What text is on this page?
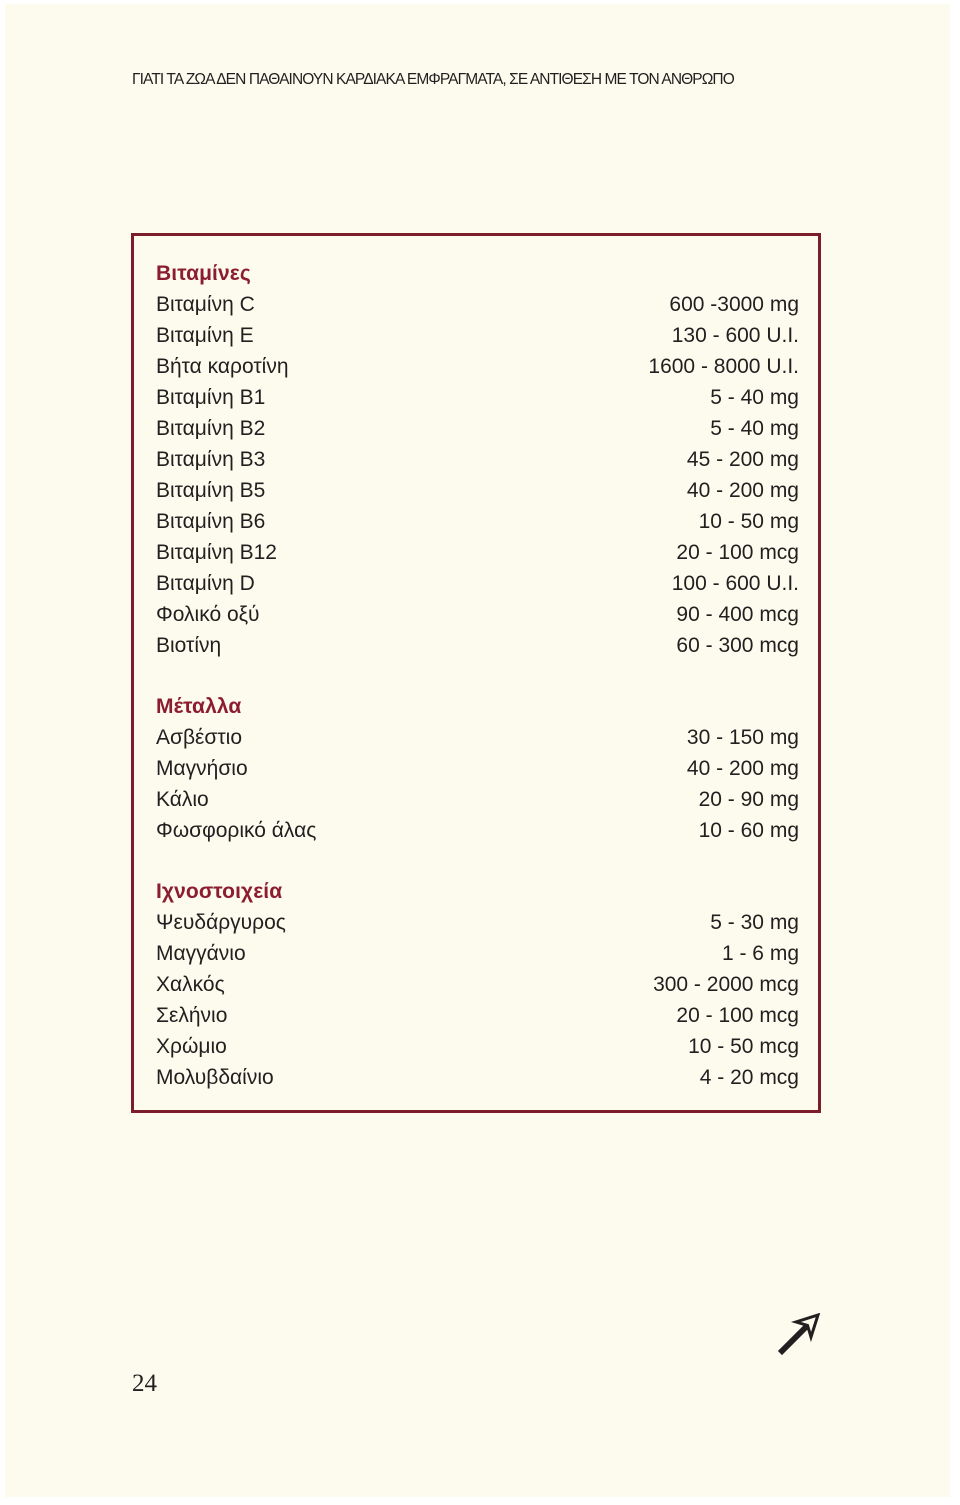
ΓΙΑΤΙ ΤΑ ΖΩΑ ΔΕΝ ΠΑΘΑΙΝΟΥΝ ΚΑΡΔΙΑΚΑ ΕΜΦΡΑΓΜΑΤΑ, ΣΕ ΑΝΤΙΘΕΣΗ ΜΕ ΤΟΝ ΑΝΘΡΩΠΟ
Βιταμίνες
Βιταμίνη C	600 -3000 mg
Βιταμίνη E	130 - 600 U.I.
Βήτα καροτίνη	1600 - 8000 U.I.
Βιταμίνη B1	5 - 40 mg
Βιταμίνη B2	5 - 40 mg
Βιταμίνη B3	45 - 200 mg
Βιταμίνη B5	40 - 200 mg
Βιταμίνη B6	10 - 50 mg
Βιταμίνη B12	20 - 100 mcg
Βιταμίνη D	100 - 600 U.I.
Φολικό οξύ	90 - 400 mcg
Βιοτίνη	60 - 300 mcg
Μέταλλα
Ασβέστιο	30 - 150 mg
Μαγνήσιο	40 - 200 mg
Κάλιο	20 - 90 mg
Φωσφορικό άλας	10 - 60 mg
Ιχνοστοιχεία
Ψευδάργυρος	5 - 30 mg
Μαγγάνιο	1 - 6 mg
Χαλκός	300 - 2000 mcg
Σελήνιο	20 - 100 mcg
Χρώμιο	10 - 50 mcg
Μολυβδαίνιο	4 - 20 mcg
24
